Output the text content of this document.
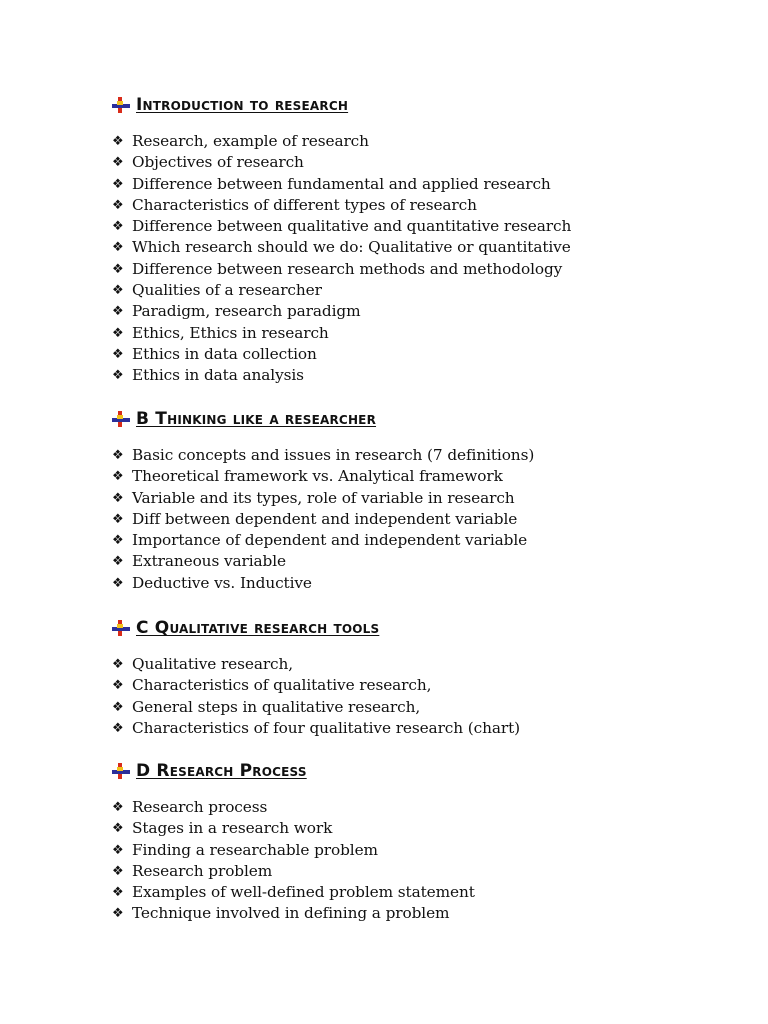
Introduction to research
❖ Research, example of research
❖ Objectives of research
❖ Difference between fundamental and applied research
❖ Characteristics of different types of research
❖ Difference between qualitative and quantitative research
❖ Which research should we do: Qualitative or quantitative
❖ Difference between research methods and methodology
❖ Qualities of a researcher
❖ Paradigm, research paradigm
❖ Ethics, Ethics in research
❖ Ethics in data collection
❖ Ethics in data analysis
B Thinking like a researcher
❖ Basic concepts and issues in research (7 definitions)
❖ Theoretical framework vs. Analytical framework
❖ Variable and its types, role of variable in research
❖ Diff between dependent and independent variable
❖ Importance of dependent and independent variable
❖ Extraneous variable
❖ Deductive vs. Inductive
C Qualitative research tools
❖ Qualitative research,
❖ Characteristics of qualitative research,
❖ General steps in qualitative research,
❖ Characteristics of four qualitative research (chart)
D Research Process
❖ Research process
❖ Stages in a research work
❖ Finding a researchable problem
❖ Research problem
❖ Examples of well-defined problem statement
❖ Technique involved in defining a problem
